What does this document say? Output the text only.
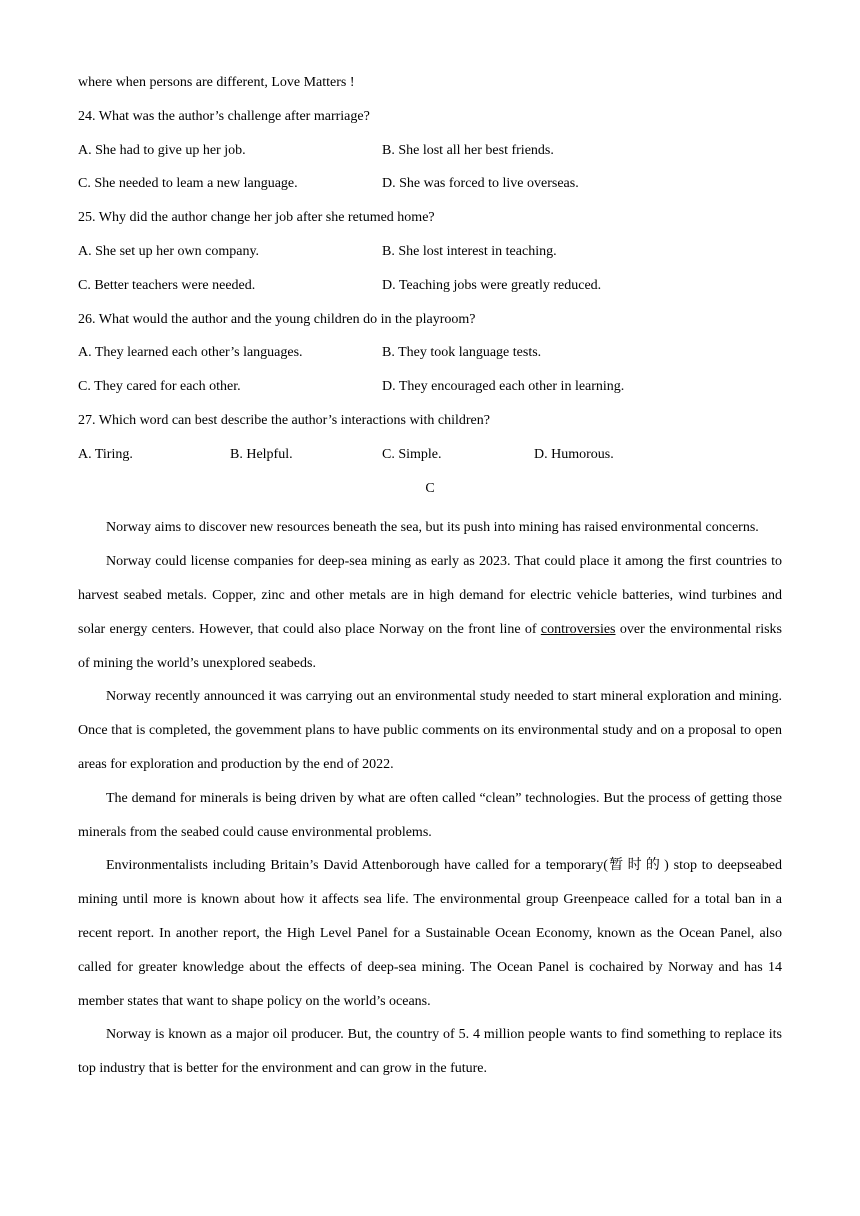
where when persons are different, Love Matters !
24. What was the author’s challenge after marriage?
A. She had to give up her job.	B. She lost all her best friends.
C. She needed to leam a new language.	D. She was forced to live overseas.
25. Why did the author change her job after she retumed home?
A. She set up her own company.	B. She lost interest in teaching.
C. Better teachers were needed.	D. Teaching jobs were greatly reduced.
26. What would the author and the young children do in the playroom?
A. They learned each other’s languages.	B. They took language tests.
C. They cared for each other.	D. They encouraged each other in learning.
27. Which word can best describe the author’s interactions with children?
A. Tiring.	B. Helpful.	C. Simple.	D. Humorous.
C

Norway aims to discover new resources beneath the sea, but its push into mining has raised environmental concerns.

Norway could license companies for deep-sea mining as early as 2023. That could place it among the first countries to harvest seabed metals. Copper, zinc and other metals are in high demand for electric vehicle batteries, wind turbines and solar energy centers. However, that could also place Norway on the front line of controversies over the environmental risks of mining the world’s unexplored seabeds.

Norway recently announced it was carrying out an environmental study needed to start mineral exploration and mining. Once that is completed, the govemment plans to have public comments on its environmental study and on a proposal to open areas for exploration and production by the end of 2022.

The demand for minerals is being driven by what are often called “clean” technologies. But the process of getting those minerals from the seabed could cause environmental problems.

Environmentalists including Britain’s David Attenborough have called for a temporary(暂时的) stop to deepseabed mining until more is known about how it affects sea life. The environmental group Greenpeace called for a total ban in a recent report. In another report, the High Level Panel for a Sustainable Ocean Economy, known as the Ocean Panel, also called for greater knowledge about the effects of deep-sea mining. The Ocean Panel is cochaired by Norway and has 14 member states that want to shape policy on the world’s oceans.

Norway is known as a major oil producer. But, the country of 5. 4 million people wants to find something to replace its top industry that is better for the environment and can grow in the future.
